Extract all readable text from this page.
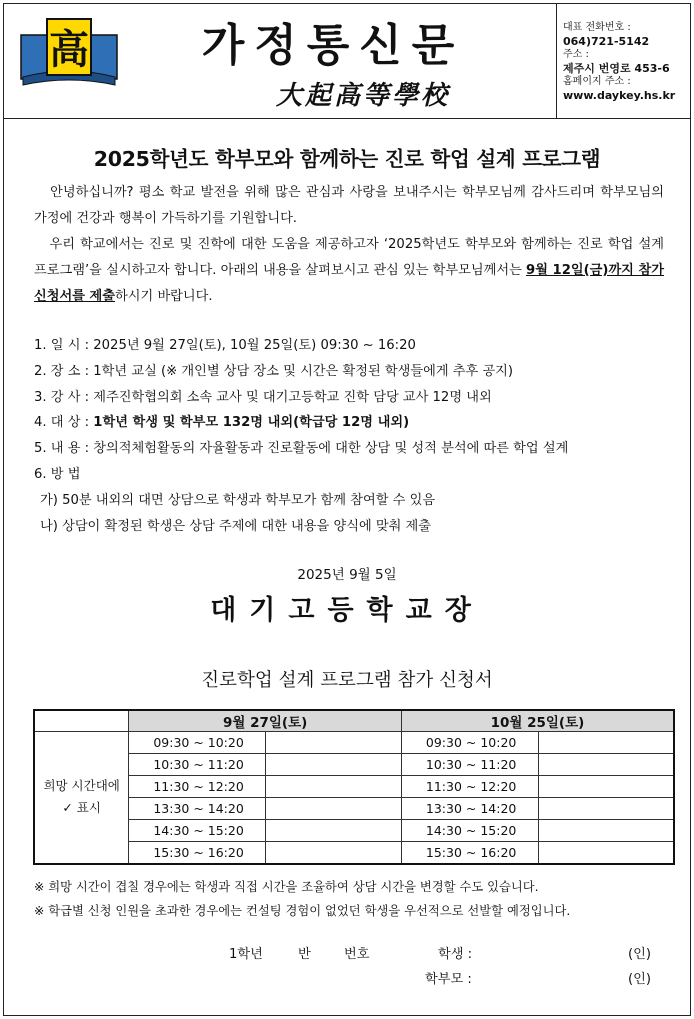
高	가정통신문
大起高等學校
대표 전화번호 :
064)721-5142
주소 :
제주시 번영로 453-6
홈페이지 주소 :
www.daykey.hs.kr
2025학년도 학부모와 함께하는 진로 학업 설계 프로그램
안녕하십니까? 평소 학교 발전을 위해 많은 관심과 사랑을 보내주시는 학부모님께 감사드리며 학부모님의 가정에 건강과 행복이 가득하기를 기원합니다.
우리 학교에서는 진로 및 진학에 대한 도움을 제공하고자 ‘2025학년도 학부모와 함께하는 진로 학업 설계 프로그램’을 실시하고자 합니다. 아래의 내용을 살펴보시고 관심 있는 학부모님께서는 9월 12일(금)까지 참가 신청서를 제출하시기 바랍니다.
1. 일 시 : 2025년 9월 27일(토), 10월 25일(토) 09:30 ~ 16:20
2. 장 소 : 1학년 교실 (※ 개인별 상담 장소 및 시간은 확정된 학생들에게 추후 공지)
3. 강 사 : 제주진학협의회 소속 교사 및 대기고등학교 진학 담당 교사 12명 내외
4. 대 상 : 1학년 학생 및 학부모 132명 내외(학급당 12명 내외)
5. 내 용 : 창의적체험활동의 자율활동과 진로활동에 대한 상담 및 성적 분석에 따른 학업 설계
6. 방 법
가) 50분 내외의 대면 상담으로 학생과 학부모가 함께 참여할 수 있음
나) 상담이 확정된 학생은 상담 주제에 대한 내용을 양식에 맞춰 제출
2025년 9월 5일
대기고등학교장
진로학업 설계 프로그램 참가 신청서
	9월 27일(토)		10월 25일(토)	

희망 시간대에
✓ 표시	09:30 ~ 10:20		09:30 ~ 10:20	
	10:30 ~ 11:20		10:30 ~ 11:20	
	11:30 ~ 12:20		11:30 ~ 12:20	
	13:30 ~ 14:20		13:30 ~ 14:20	
	14:30 ~ 15:20		14:30 ~ 15:20	
	15:30 ~ 16:20		15:30 ~ 16:20	
※ 희망 시간이 겹칠 경우에는 학생과 직접 시간을 조율하여 상담 시간을 변경할 수도 있습니다.
※ 학급별 신청 인원을 초과한 경우에는 컨설팅 경험이 없었던 학생을 우선적으로 선발할 예정입니다.
1학년	반	번호	학생 :	(인)
학부모 :	(인)
